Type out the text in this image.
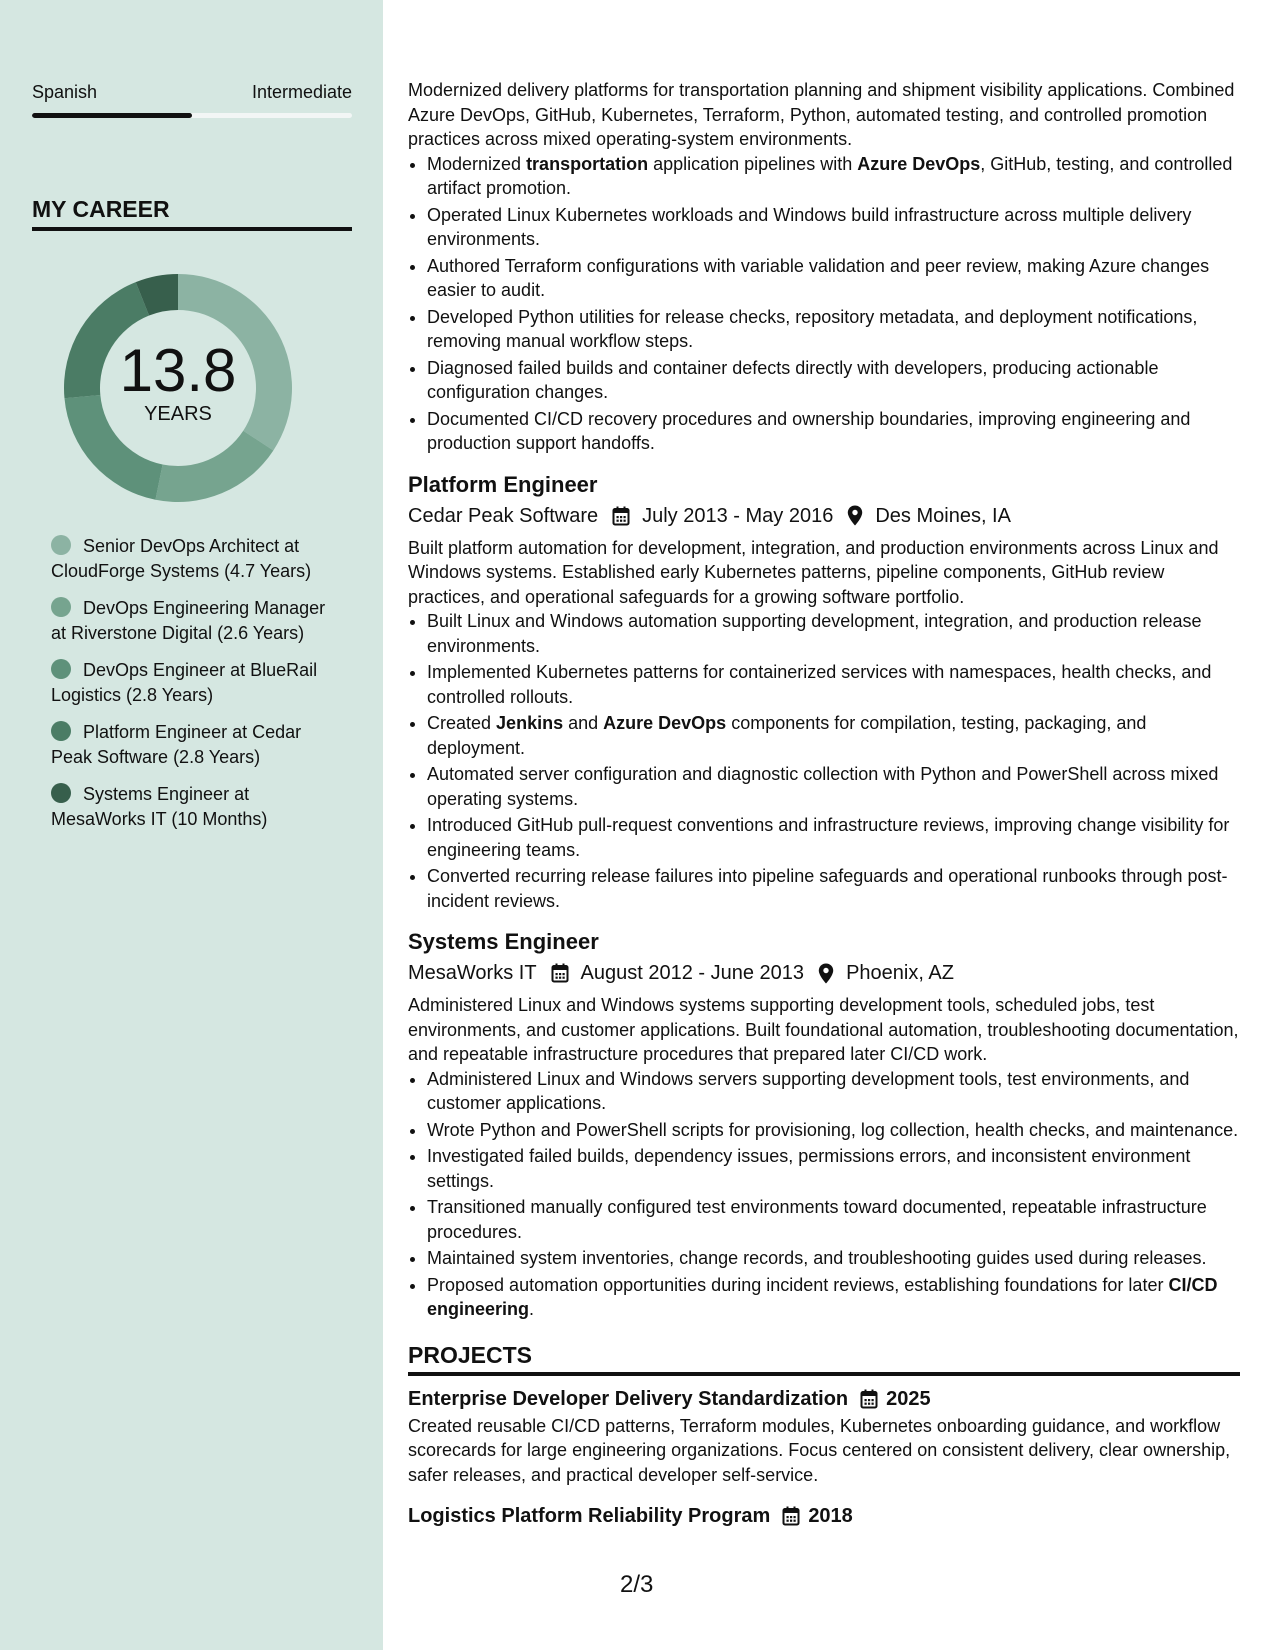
Spanish	Intermediate
MY CAREER
13.8
YEARS
Senior DevOps Architect at CloudForge Systems (4.7 Years)
DevOps Engineering Manager at Riverstone Digital (2.6 Years)
DevOps Engineer at BlueRail Logistics (2.8 Years)
Platform Engineer at Cedar Peak Software (2.8 Years)
Systems Engineer at MesaWorks IT (10 Months)

Modernized delivery platforms for transportation planning and shipment visibility applications. Combined Azure DevOps, GitHub, Kubernetes, Terraform, Python, automated testing, and controlled promotion practices across mixed operating-system environments.

• Modernized transportation application pipelines with Azure DevOps, GitHub, testing, and controlled artifact promotion.
• Operated Linux Kubernetes workloads and Windows build infrastructure across multiple delivery environments.
• Authored Terraform configurations with variable validation and peer review, making Azure changes easier to audit.
• Developed Python utilities for release checks, repository metadata, and deployment notifications, removing manual workflow steps.
• Diagnosed failed builds and container defects directly with developers, producing actionable configuration changes.
• Documented CI/CD recovery procedures and ownership boundaries, improving engineering and production support handoffs.
Platform Engineer
Cedar Peak Software July 2013 - May 2016 Des Moines, IA

Built platform automation for development, integration, and production environments across Linux and Windows systems. Established early Kubernetes patterns, pipeline components, GitHub review practices, and operational safeguards for a growing software portfolio.

• Built Linux and Windows automation supporting development, integration, and production release environments.
• Implemented Kubernetes patterns for containerized services with namespaces, health checks, and controlled rollouts.
• Created Jenkins and Azure DevOps components for compilation, testing, packaging, and deployment.
• Automated server configuration and diagnostic collection with Python and PowerShell across mixed operating systems.
• Introduced GitHub pull-request conventions and infrastructure reviews, improving change visibility for engineering teams.
• Converted recurring release failures into pipeline safeguards and operational runbooks through post-incident reviews.
Systems Engineer
MesaWorks IT August 2012 - June 2013 Phoenix, AZ

Administered Linux and Windows systems supporting development tools, scheduled jobs, test environments, and customer applications. Built foundational automation, troubleshooting documentation, and repeatable infrastructure procedures that prepared later CI/CD work.

• Administered Linux and Windows servers supporting development tools, test environments, and customer applications.
• Wrote Python and PowerShell scripts for provisioning, log collection, health checks, and maintenance.
• Investigated failed builds, dependency issues, permissions errors, and inconsistent environment settings.
• Transitioned manually configured test environments toward documented, repeatable infrastructure procedures.
• Maintained system inventories, change records, and troubleshooting guides used during releases.
• Proposed automation opportunities during incident reviews, establishing foundations for later CI/CD engineering.
PROJECTS
Enterprise Developer Delivery Standardization 2025

Created reusable CI/CD patterns, Terraform modules, Kubernetes onboarding guidance, and workflow scorecards for large engineering organizations. Focus centered on consistent delivery, clear ownership, safer releases, and practical developer self-service.

Logistics Platform Reliability Program 2018
2/3
